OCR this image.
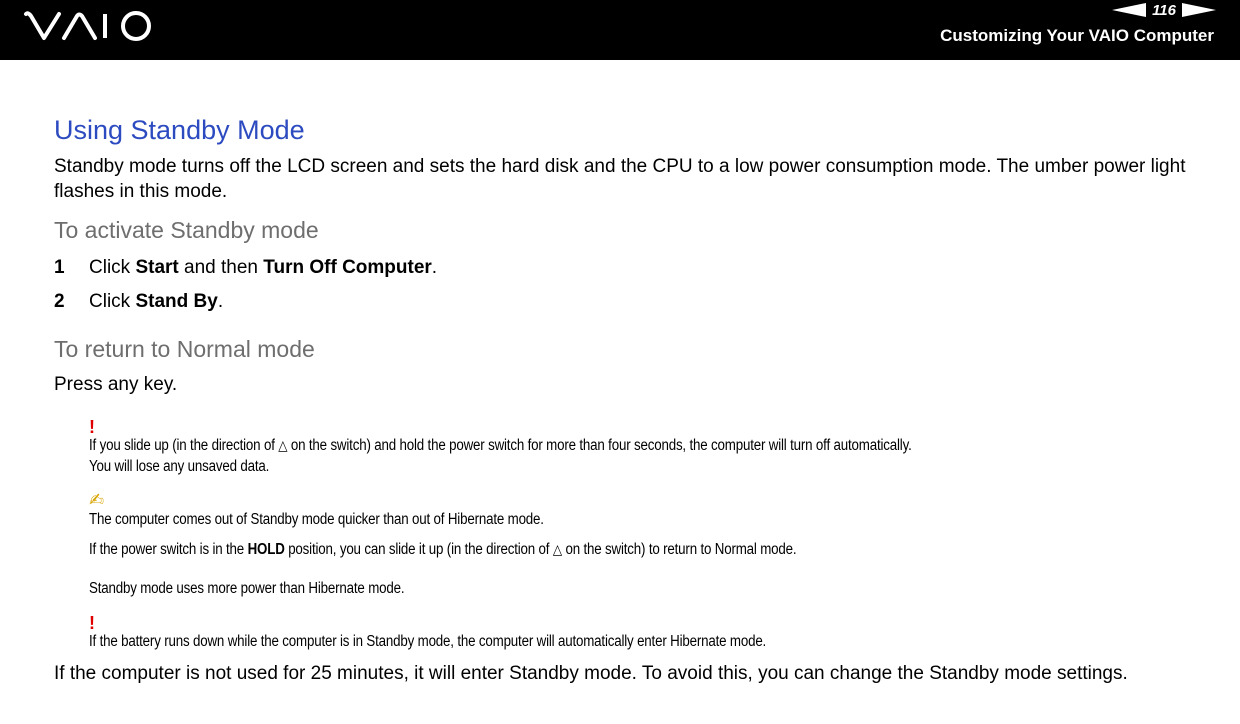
116
Customizing Your VAIO Computer
Using Standby Mode

Standby mode turns off the LCD screen and sets the hard disk and the CPU to a low power consumption mode. The umber power light flashes in this mode.

To activate Standby mode
1	Click Start and then Turn Off Computer.
2	Click Stand By.
To return to Normal mode

Press any key.

!

If you slide up (in the direction of △ on the switch) and hold the power switch for more than four seconds, the computer will turn off automatically.
You will lose any unsaved data.

✍

The computer comes out of Standby mode quicker than out of Hibernate mode.

If the power switch is in the HOLD position, you can slide it up (in the direction of △ on the switch) to return to Normal mode.

Standby mode uses more power than Hibernate mode.

!

If the battery runs down while the computer is in Standby mode, the computer will automatically enter Hibernate mode.

If the computer is not used for 25 minutes, it will enter Standby mode. To avoid this, you can change the Standby mode settings.
